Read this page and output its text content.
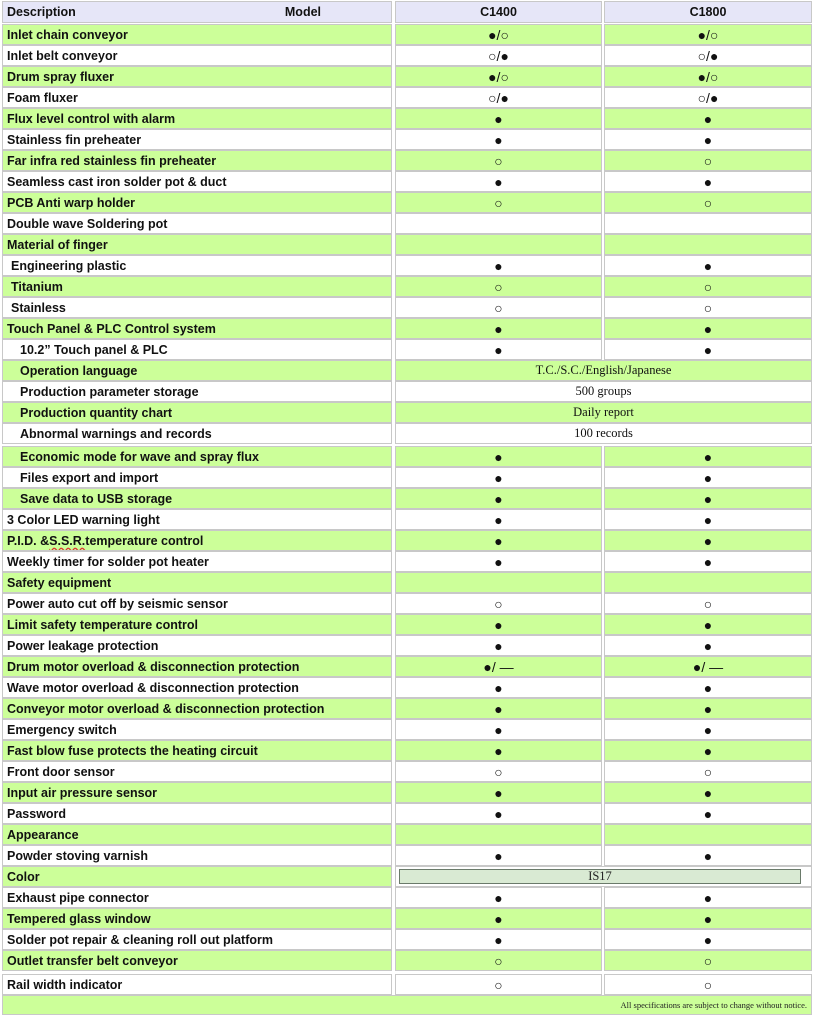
Description	Model	C1400	C1800
Inlet chain conveyor	●/○	●/○
Inlet belt conveyor	○/●	○/●
Drum spray fluxer	●/○	●/○
Foam fluxer	○/●	○/●
Flux level control with alarm	●	●
Stainless fin preheater	●	●
Far infra red stainless fin preheater	○	○
Seamless cast iron solder pot & duct	●	●
PCB Anti warp holder	○	○
Double wave Soldering pot
Material of finger
Engineering plastic	●	●
Titanium	○	○
Stainless	○	○
Touch Panel & PLC Control system	●	●
10.2” Touch panel & PLC	●	●
Operation language	T.C./S.C./English/Japanese
Production parameter storage	500 groups
Production quantity chart	Daily report
Abnormal warnings and records	100 records
Economic mode for wave and spray flux	●	●
Files export and import	●	●
Save data to USB storage	●	●
3 Color LED warning light	●	●
P.I.D. & S.S.R. temperature control	●	●
Weekly timer for solder pot heater	●	●
Safety equipment
Power auto cut off by seismic sensor	○	○
Limit safety temperature control	●	●
Power leakage protection	●	●
Drum motor overload & disconnection protection	●/ —	●/ —
Wave motor overload & disconnection protection	●	●
Conveyor motor overload & disconnection protection	●	●
Emergency switch	●	●
Fast blow fuse protects the heating circuit	●	●
Front door sensor	○	○
Input air pressure sensor	●	●
Password	●	●
Appearance
Powder stoving varnish	●	●
Color	IS17
Exhaust pipe connector	●	●
Tempered glass window	●	●
Solder pot repair & cleaning roll out platform	●	●
Outlet transfer belt conveyor	○	○
Rail width indicator	○	○
All specifications are subject to change without notice.
